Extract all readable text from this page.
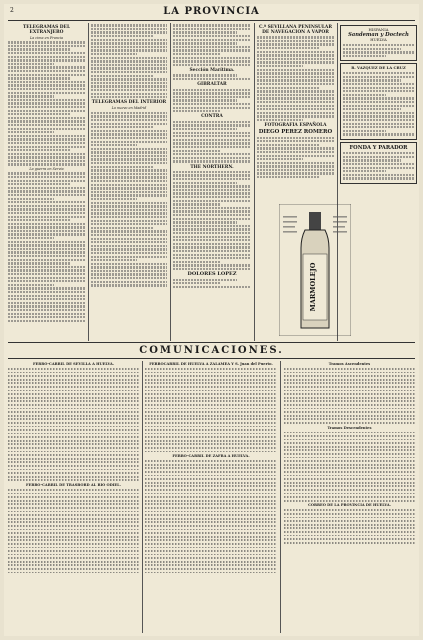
2	LA PROVINCIA
TELEGRAMAS DEL EXTRANJERO
La cima en Francia
La guerra en Servia
TELEGRAMAS DEL INTERIOR
Lo nuevo en Madrid
Sección Marítima.
GIBRALTAR
CONTRA
THE NORTHERN.
DOLORES LOPEZ
C.ª SEVILLANA PENINSULAR DE NAVEGACION A VAPOR
FOTOGRAFIA ESPAÑOLA
DIEGO PEREZ ROMERO
MARMOLEJO
HISPANIA
Sandeman y Doctech
HUELVA
R. VAZQUEZ DE LA CRUZ
FONDA Y PARADOR
COMUNICACIONES.
FERRO-CARRIL DE SEVILLA A HUELVA.
FERRO-CARRIL DE TRASBORD AL RIO ODIEL.
FERROCARRIL DE HUELVA A ZALAMEA Y S. Juan del Puerto.
FERRO-CARRIL DE ZAFRA A HUELVA.
Tramos Ascendentes
Tramos Descendentes
CORREO DE LA PROVINCIA DE HUELVA.
